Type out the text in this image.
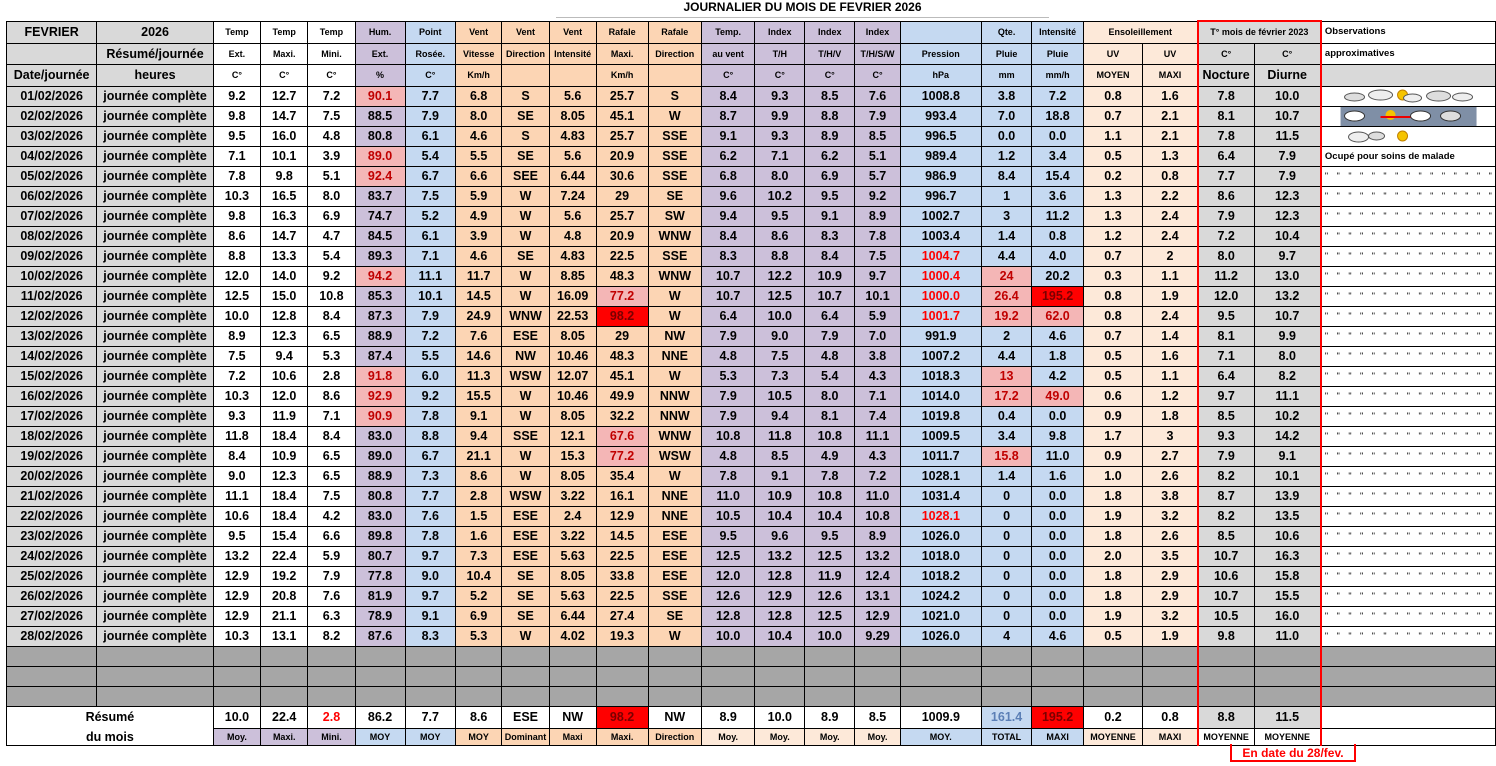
JOURNALIER DU MOIS DE FEVRIER 2026
FEVRIER	2026	Temp	Temp	Temp	Hum.	Point	Vent	Vent	Vent	Rafale	Rafale	Temp.	Index	Index	Index		Qte.	Intensité	Ensoleillement		T° mois de février 2023		Observations
	Résumé/journée	Ext.	Maxi.	Mini.	Ext.	Rosée.	Vitesse	Direction	Intensité	Maxi.	Direction	au vent	T/H	T/H/V	T/H/S/W	Pression	Pluie	Pluie	UV	UV	C°	C°	approximatives
Date/journée	heures	C°	C°	C°	%	C°	Km/h			Km/h		C°	C°	C°	C°	hPa	mm	mm/h	MOYEN	MAXI	Nocture	Diurne	
01/02/2026	journée complète	9.2	12.7	7.2	90.1	7.7	6.8	S	5.6	25.7	S	8.4	9.3	8.5	7.6	1008.8	3.8	7.2	0.8	1.6	7.8	10.0	

02/02/2026	journée complète	9.8	14.7	7.5	88.5	7.9	8.0	SE	8.05	45.1	W	8.7	9.9	8.8	7.9	993.4	7.0	18.8	0.7	2.1	8.1	10.7	

03/02/2026	journée complète	9.5	16.0	4.8	80.8	6.1	4.6	S	4.83	25.7	SSE	9.1	9.3	8.9	8.5	996.5	0.0	0.0	1.1	2.1	7.8	11.5	

04/02/2026	journée complète	7.1	10.1	3.9	89.0	5.4	5.5	SE	5.6	20.9	SSE	6.2	7.1	6.2	5.1	989.4	1.2	3.4	0.5	1.3	6.4	7.9	Ocupé pour soins de malade
05/02/2026	journée complète	7.8	9.8	5.1	92.4	6.7	6.6	SEE	6.44	30.6	SSE	6.8	8.0	6.9	5.7	986.9	8.4	15.4	0.2	0.8	7.7	7.9	" " " " " " " " " " " " " " "
06/02/2026	journée complète	10.3	16.5	8.0	83.7	7.5	5.9	W	7.24	29	SE	9.6	10.2	9.5	9.2	996.7	1	3.6	1.3	2.2	8.6	12.3	" " " " " " " " " " " " " " "
07/02/2026	journée complète	9.8	16.3	6.9	74.7	5.2	4.9	W	5.6	25.7	SW	9.4	9.5	9.1	8.9	1002.7	3	11.2	1.3	2.4	7.9	12.3	" " " " " " " " " " " " " " "
08/02/2026	journée complète	8.6	14.7	4.7	84.5	6.1	3.9	W	4.8	20.9	WNW	8.4	8.6	8.3	7.8	1003.4	1.4	0.8	1.2	2.4	7.2	10.4	" " " " " " " " " " " " " " "
09/02/2026	journée complète	8.8	13.3	5.4	89.3	7.1	4.6	SE	4.83	22.5	SSE	8.3	8.8	8.4	7.5	1004.7	4.4	4.0	0.7	2	8.0	9.7	" " " " " " " " " " " " " " "
10/02/2026	journée complète	12.0	14.0	9.2	94.2	11.1	11.7	W	8.85	48.3	WNW	10.7	12.2	10.9	9.7	1000.4	24	20.2	0.3	1.1	11.2	13.0	" " " " " " " " " " " " " " "
11/02/2026	journée complète	12.5	15.0	10.8	85.3	10.1	14.5	W	16.09	77.2	W	10.7	12.5	10.7	10.1	1000.0	26.4	195.2	0.8	1.9	12.0	13.2	" " " " " " " " " " " " " " "
12/02/2026	journée complète	10.0	12.8	8.4	87.3	7.9	24.9	WNW	22.53	98.2	W	6.4	10.0	6.4	5.9	1001.7	19.2	62.0	0.8	2.4	9.5	10.7	" " " " " " " " " " " " " " "
13/02/2026	journée complète	8.9	12.3	6.5	88.9	7.2	7.6	ESE	8.05	29	NW	7.9	9.0	7.9	7.0	991.9	2	4.6	0.7	1.4	8.1	9.9	" " " " " " " " " " " " " " "
14/02/2026	journée complète	7.5	9.4	5.3	87.4	5.5	14.6	NW	10.46	48.3	NNE	4.8	7.5	4.8	3.8	1007.2	4.4	1.8	0.5	1.6	7.1	8.0	" " " " " " " " " " " " " " "
15/02/2026	journée complète	7.2	10.6	2.8	91.8	6.0	11.3	WSW	12.07	45.1	W	5.3	7.3	5.4	4.3	1018.3	13	4.2	0.5	1.1	6.4	8.2	" " " " " " " " " " " " " " "
16/02/2026	journée complète	10.3	12.0	8.6	92.9	9.2	15.5	W	10.46	49.9	NNW	7.9	10.5	8.0	7.1	1014.0	17.2	49.0	0.6	1.2	9.7	11.1	" " " " " " " " " " " " " " "
17/02/2026	journée complète	9.3	11.9	7.1	90.9	7.8	9.1	W	8.05	32.2	NNW	7.9	9.4	8.1	7.4	1019.8	0.4	0.0	0.9	1.8	8.5	10.2	" " " " " " " " " " " " " " "
18/02/2026	journée complète	11.8	18.4	8.4	83.0	8.8	9.4	SSE	12.1	67.6	WNW	10.8	11.8	10.8	11.1	1009.5	3.4	9.8	1.7	3	9.3	14.2	" " " " " " " " " " " " " " "
19/02/2026	journée complète	8.4	10.9	6.5	89.0	6.7	21.1	W	15.3	77.2	WSW	4.8	8.5	4.9	4.3	1011.7	15.8	11.0	0.9	2.7	7.9	9.1	" " " " " " " " " " " " " " "
20/02/2026	journée complète	9.0	12.3	6.5	88.9	7.3	8.6	W	8.05	35.4	W	7.8	9.1	7.8	7.2	1028.1	1.4	1.6	1.0	2.6	8.2	10.1	" " " " " " " " " " " " " " "
21/02/2026	journée complète	11.1	18.4	7.5	80.8	7.7	2.8	WSW	3.22	16.1	NNE	11.0	10.9	10.8	11.0	1031.4	0	0.0	1.8	3.8	8.7	13.9	" " " " " " " " " " " " " " "
22/02/2026	journée complète	10.6	18.4	4.2	83.0	7.6	1.5	ESE	2.4	12.9	NNE	10.5	10.4	10.4	10.8	1028.1	0	0.0	1.9	3.2	8.2	13.5	" " " " " " " " " " " " " " "
23/02/2026	journée complète	9.5	15.4	6.6	89.8	7.8	1.6	ESE	3.22	14.5	ESE	9.5	9.6	9.5	8.9	1026.0	0	0.0	1.8	2.6	8.5	10.6	" " " " " " " " " " " " " " "
24/02/2026	journée complète	13.2	22.4	5.9	80.7	9.7	7.3	ESE	5.63	22.5	ESE	12.5	13.2	12.5	13.2	1018.0	0	0.0	2.0	3.5	10.7	16.3	" " " " " " " " " " " " " " "
25/02/2026	journée complète	12.9	19.2	7.9	77.8	9.0	10.4	SE	8.05	33.8	ESE	12.0	12.8	11.9	12.4	1018.2	0	0.0	1.8	2.9	10.6	15.8	" " " " " " " " " " " " " " "
26/02/2026	journée complète	12.9	20.8	7.6	81.9	9.7	5.2	SE	5.63	22.5	SSE	12.6	12.9	12.6	13.1	1024.2	0	0.0	1.8	2.9	10.7	15.5	" " " " " " " " " " " " " " "
27/02/2026	journée complète	12.9	21.1	6.3	78.9	9.1	6.9	SE	6.44	27.4	SE	12.8	12.8	12.5	12.9	1021.0	0	0.0	1.9	3.2	10.5	16.0	" " " " " " " " " " " " " " "
28/02/2026	journée complète	10.3	13.1	8.2	87.6	8.3	5.3	W	4.02	19.3	W	10.0	10.4	10.0	9.29	1026.0	4	4.6	0.5	1.9	9.8	11.0	" " " " " " " " " " " " " " "

Résumé		10.0	22.4	2.8	86.2	7.7	8.6	ESE	NW	98.2	NW	8.9	10.0	8.9	8.5	1009.9	161.4	195.2	0.2	0.8	8.8	11.5	
du mois		Moy.	Maxi.	Mini.	MOY	MOY	MOY	Dominant	Maxi	Maxi.	Direction	Moy.	Moy.	Moy.	Moy.	MOY.	TOTAL	MAXI	MOYENNE	MAXI	MOYENNE	MOYENNE	
En date du 28/fev.
